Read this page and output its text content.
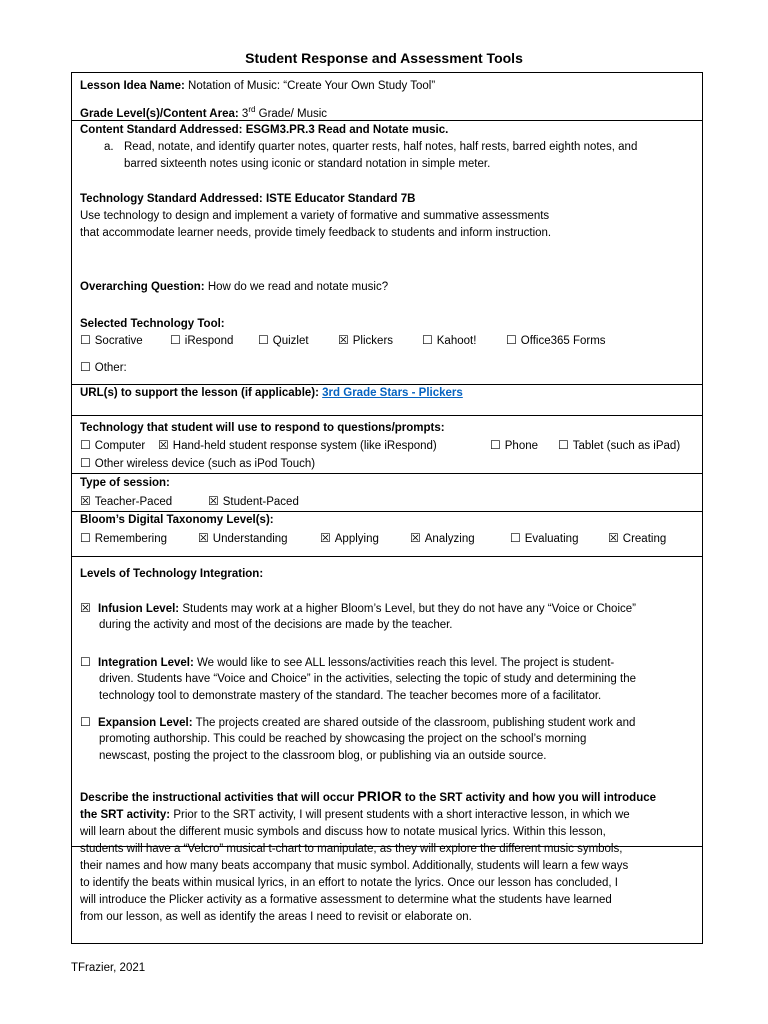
Student Response and Assessment Tools
Lesson Idea Name: Notation of Music: “Create Your Own Study Tool”
Grade Level(s)/Content Area: 3rd Grade/ Music
Content Standard Addressed: ESGM3.PR.3 Read and Notate music.
a. Read, notate, and identify quarter notes, quarter rests, half notes, half rests, barred eighth notes, and
barred sixteenth notes using iconic or standard notation in simple meter.
Technology Standard Addressed: ISTE Educator Standard 7B
Use technology to design and implement a variety of formative and summative assessments
that accommodate learner needs, provide timely feedback to students and inform instruction.
Overarching Question: How do we read and notate music?
Selected Technology Tool:
☐ Socrative ☐ iRespond ☐ Quizlet ☒ Plickers ☐ Kahoot! ☐ Office365 Forms
☐ Other:
URL(s) to support the lesson (if applicable): 3rd Grade Stars - Plickers
Technology that student will use to respond to questions/prompts:
☐ Computer ☒ Hand-held student response system (like iRespond)	☐ Phone ☐ Tablet (such as iPad)
☐ Other wireless device (such as iPod Touch)
Type of session:
☒ Teacher-Paced	☒ Student-Paced
Bloom’s Digital Taxonomy Level(s):
☐ Remembering	☒ Understanding	☒ Applying	☒ Analyzing	☐ Evaluating ☒ Creating
Levels of Technology Integration:
☒ Infusion Level: Students may work at a higher Bloom’s Level, but they do not have any “Voice or Choice”
during the activity and most of the decisions are made by the teacher.
☐ Integration Level: We would like to see ALL lessons/activities reach this level. The project is student-
driven. Students have “Voice and Choice” in the activities, selecting the topic of study and determining the
technology tool to demonstrate mastery of the standard. The teacher becomes more of a facilitator.
☐ Expansion Level: The projects created are shared outside of the classroom, publishing student work and
promoting authorship. This could be reached by showcasing the project on the school’s morning
newscast, posting the project to the classroom blog, or publishing via an outside source.
Describe the instructional activities that will occur PRIOR to the SRT activity and how you will introduce
the SRT activity: Prior to the SRT activity, I will present students with a short interactive lesson, in which we
will learn about the different music symbols and discuss how to notate musical lyrics. Within this lesson,
students will have a “Velcro” musical t-chart to manipulate, as they will explore the different music symbols,
their names and how many beats accompany that music symbol. Additionally, students will learn a few ways
to identify the beats within musical lyrics, in an effort to notate the lyrics. Once our lesson has concluded, I
will introduce the Plicker activity as a formative assessment to determine what the students have learned
from our lesson, as well as identify the areas I need to revisit or elaborate on.
TFrazier, 2021
